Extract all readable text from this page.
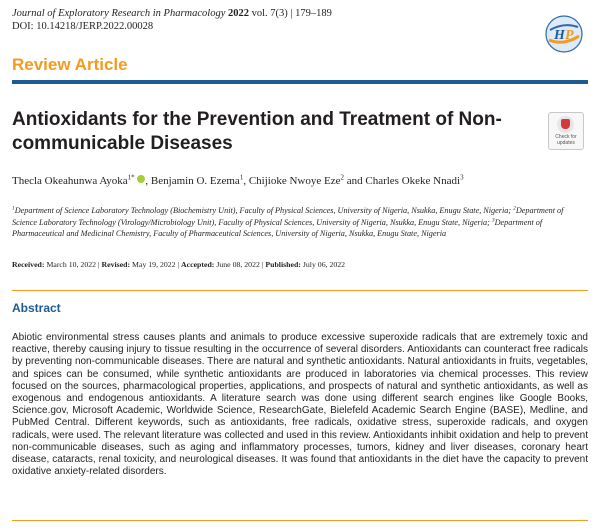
Journal of Exploratory Research in Pharmacology 2022 vol. 7(3) | 179–189
DOI: 10.14218/JERP.2022.00028
H P
Review Article
Antioxidants for the Prevention and Treatment of Non-communicable Diseases	Check for
updates
Thecla Okeahunwa Ayoka$^{1*}$ , Benjamin O. Ezema$^1$, Chijioke Nwoye Eze$^2$ and Charles Okeke Nnadi$^3$
$^1$Department of Science Laboratory Technology (Biochemistry Unit), Faculty of Physical Sciences, University of Nigeria, Nsukka, Enugu State, Nigeria; $^2$Department of Science Laboratory Technology (Virology/Microbiology Unit), Faculty of Physical Sciences, University of Nigeria, Nsukka, Enugu State, Nigeria; $^3$Department of Pharmaceutical and Medicinal Chemistry, Faculty of Pharmaceutical Sciences, University of Nigeria, Nsukka, Enugu State, Nigeria
Received: March 10, 2022 | Revised: May 19, 2022 | Accepted: June 08, 2022 | Published: July 06, 2022
Abstract
Abiotic environmental stress causes plants and animals to produce excessive superoxide radicals that are extremely toxic and reactive, thereby causing injury to tissue resulting in the occurrence of several disorders. Antioxidants can counteract free radicals by preventing non-communicable diseases. There are natural and synthetic antioxidants. Natural antioxidants in fruits, vegetables, and spices can be consumed, while synthetic antioxidants are produced in laboratories via chemical processes. This review focused on the sources, pharmacological properties, applications, and prospects of natural and synthetic antioxidants, as well as exogenous and endogenous antioxidants. A literature search was done using different search engines like Google Books, Science.gov, Microsoft Academic, Worldwide Science, ResearchGate, Bielefeld Academic Search Engine (BASE), Medline, and PubMed Central. Different keywords, such as antioxidants, free radicals, oxidative stress, superoxide radicals, and oxygen radicals, were used. The relevant literature was collected and used in this review. Antioxidants inhibit oxidation and help to prevent non-communicable diseases, such as aging and inflammatory processes, tumors, kidney and liver diseases, coronary heart disease, cataracts, renal toxicity, and neurological diseases. It was found that antioxidants in the diet have the capacity to prevent oxidative anxiety-related disorders.
